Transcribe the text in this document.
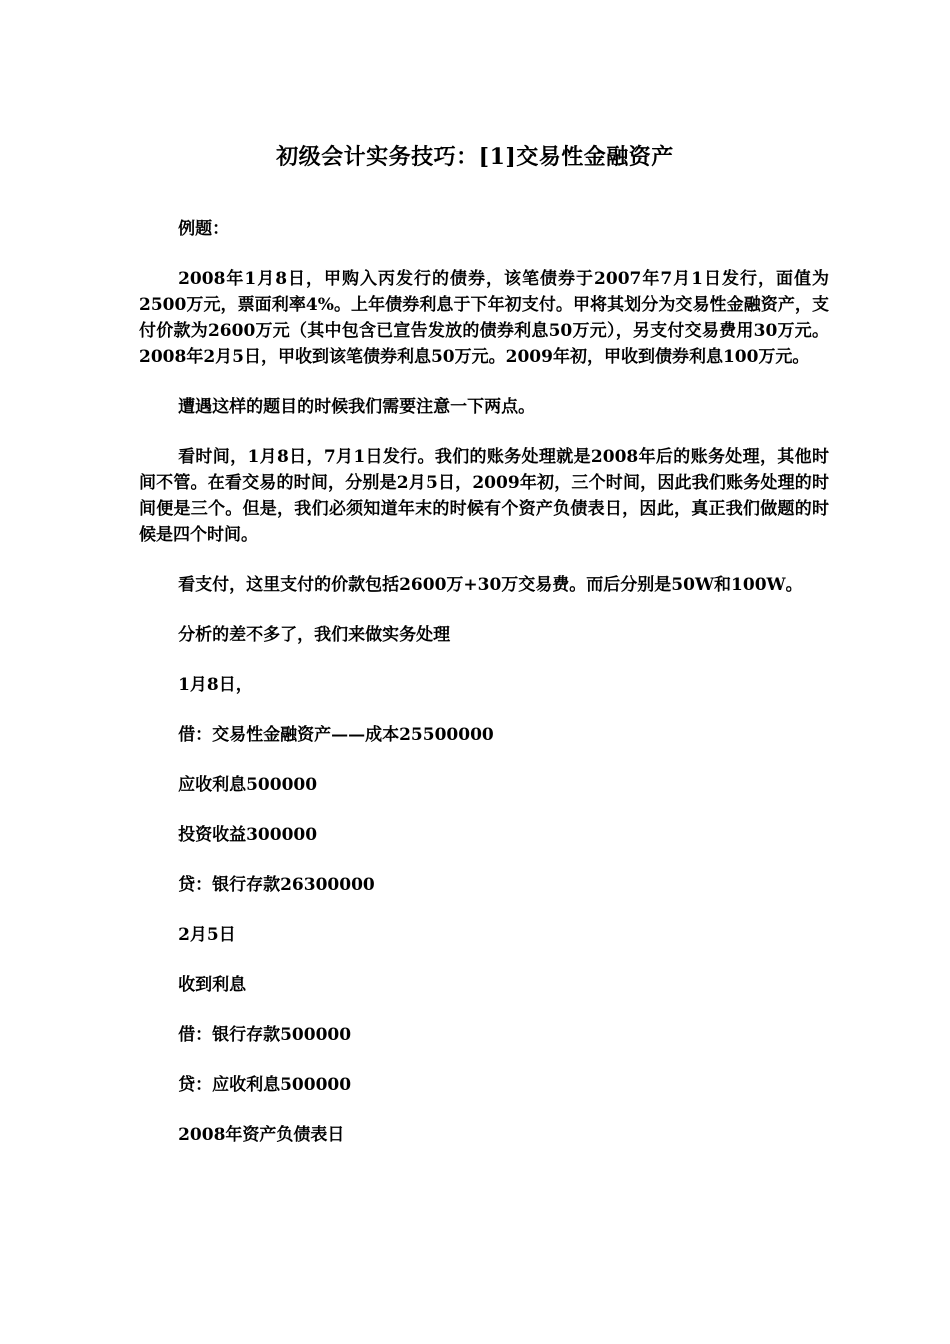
初级会计实务技巧：[1]交易性金融资产

例题：

2008年1月8日，甲购入丙发行的债券，该笔债券于2007年7月1日发行，面值为2500万元，票面利率4%。上年债券利息于下年初支付。甲将其划分为交易性金融资产，支付价款为2600万元（其中包含已宣告发放的债券利息50万元），另支付交易费用30万元。2008年2月5日，甲收到该笔债券利息50万元。2009年初，甲收到债券利息100万元。

遭遇这样的题目的时候我们需要注意一下两点。

看时间，1月8日，7月1日发行。我们的账务处理就是2008年后的账务处理，其他时间不管。在看交易的时间，分别是2月5日，2009年初，三个时间，因此我们账务处理的时间便是三个。但是，我们必须知道年末的时候有个资产负债表日，因此，真正我们做题的时候是四个时间。

看支付，这里支付的价款包括2600万+30万交易费。而后分别是50W和100W。

分析的差不多了，我们来做实务处理

1月8日，

借：交易性金融资产——成本25500000

应收利息500000

投资收益300000

贷：银行存款26300000

2月5日

收到利息

借：银行存款500000

贷：应收利息500000

2008年资产负债表日
